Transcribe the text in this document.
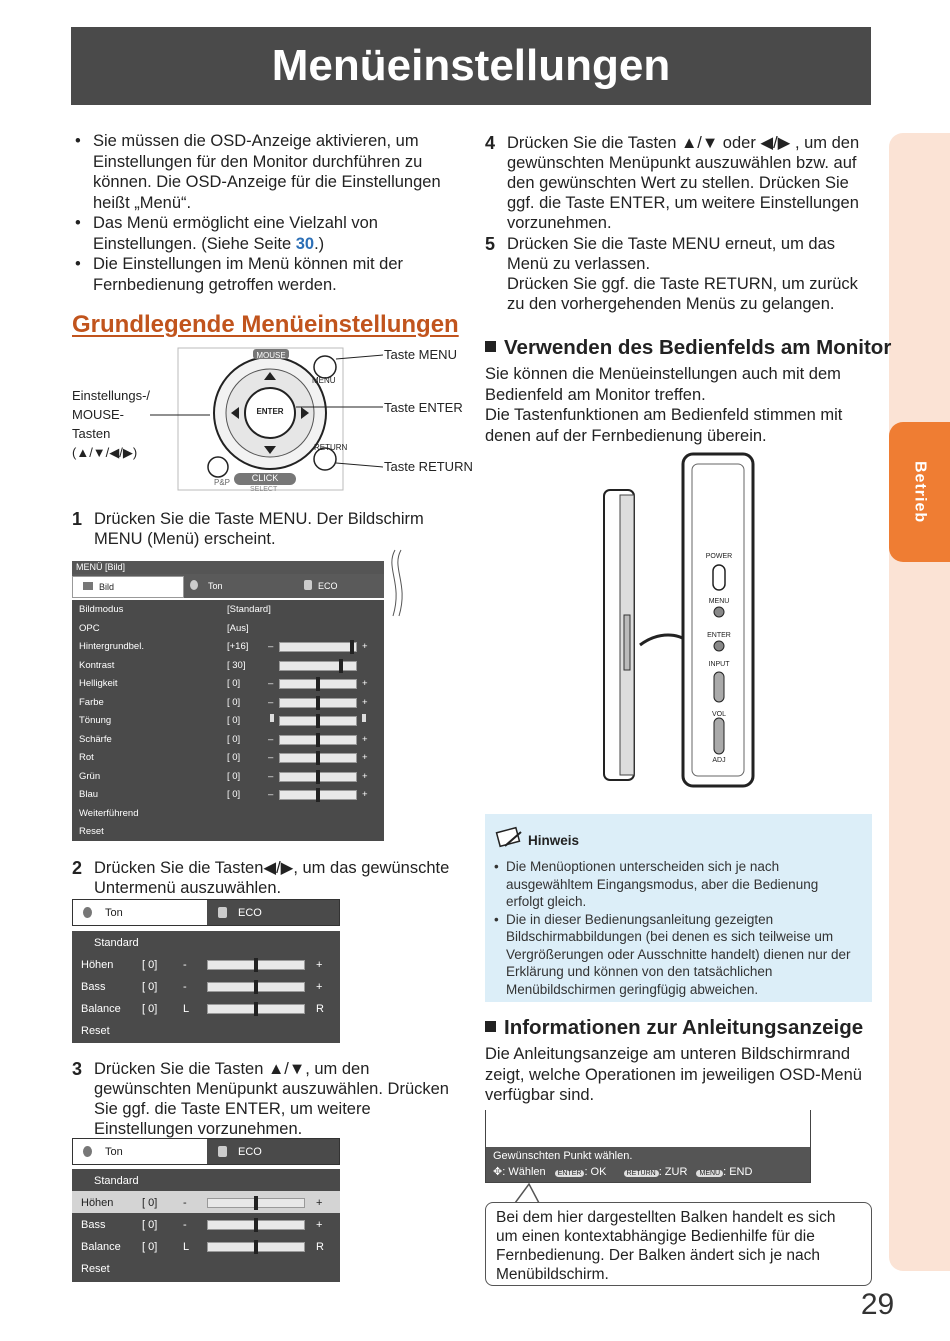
Menüeinstellungen
Betrieb
• Sie müssen die OSD-Anzeige aktivieren, um Einstellungen für den Monitor durchführen zu können. Die OSD-Anzeige für die Einstellungen heißt „Menü“.
• Das Menü ermöglicht eine Vielzahl von Einstellungen. (Siehe Seite 30.)
• Die Einstellungen im Menü können mit der Fernbedienung getroffen werden.
Grundlegende Menüeinstellungen
Einstellungs-/
MOUSE-Tasten
(▲/▼/◀/▶)
MOUSE
MENU
ENTER
RETURN
P&P	CLICK
SELECT
Taste MENU
Taste ENTER
Taste RETURN
1 Drücken Sie die Taste MENU. Der Bildschirm MENU (Menü) erscheint.
MENÜ [Bild]
Bild	Ton	ECO
Bildmodus	[Standard]
OPC	[Aus]
Hintergrundbel.	[+16] –	+
Kontrast	[ 30]
Helligkeit	[ 0]	–	+
Farbe	[ 0]	–	+
Tönung	[ 0]
Schärfe	[ 0]	–	+
Rot	[ 0]	–	+
Grün	[ 0]	–	+
Blau	[ 0]	–	+
Weiterführend
Reset
2 Drücken Sie die Tasten◀/▶, um das gewünschte Untermenü auszuwählen.
Ton	ECO
Standard
Höhen	[ 0] -	+
Bass	[ 0] -	+
Balance [ 0] L	R
Reset
3 Drücken Sie die Tasten ▲/▼, um den gewünschten Menüpunkt auszuwählen. Drücken Sie ggf. die Taste ENTER, um weitere Einstellungen vorzunehmen.
Ton	ECO
Standard
Höhen	[ 0] -	+
Bass	[ 0] -	+
Balance [ 0] L	R
Reset
4 Drücken Sie die Tasten ▲/▼ oder ◀/▶ , um den gewünschten Menüpunkt auszuwählen bzw. auf den gewünschten Wert zu stellen. Drücken Sie ggf. die Taste ENTER, um weitere Einstellungen vorzunehmen.
5 Drücken Sie die Taste MENU erneut, um das Menü zu verlassen.
Drücken Sie ggf. die Taste RETURN, um zurück zu den vorhergehenden Menüs zu gelangen.
Verwenden des Bedienfelds am Monitor
Sie können die Menüeinstellungen auch mit dem Bedienfeld am Monitor treffen.
Die Tastenfunktionen am Bedienfeld stimmen mit denen auf der Fernbedienung überein.
POWER
MENU
ENTER
INPUT
VOL
ADJ
Hinweis
• Die Menüoptionen unterscheiden sich je nach ausgewähltem Eingangsmodus, aber die Bedienung erfolgt gleich.
• Die in dieser Bedienungsanleitung gezeigten Bildschirmabbildungen (bei denen es sich teilweise um Vergrößerungen oder Ausschnitte handelt) dienen nur der Erklärung und können von den tatsächlichen Menübildschirmen geringfügig abweichen.
Informationen zur Anleitungsanzeige
Die Anleitungsanzeige am unteren Bildschirmrand zeigt, welche Operationen im jeweiligen OSD-Menü verfügbar sind.
Gewünschten Punkt wählen.
✥: Wählen ENTER : OK	RETURN : ZUR MENU : END
Bei dem hier dargestellten Balken handelt es sich um einen kontextabhängige Bedienhilfe für die Fernbedienung. Der Balken ändert sich je nach Menübildschirm.
29
